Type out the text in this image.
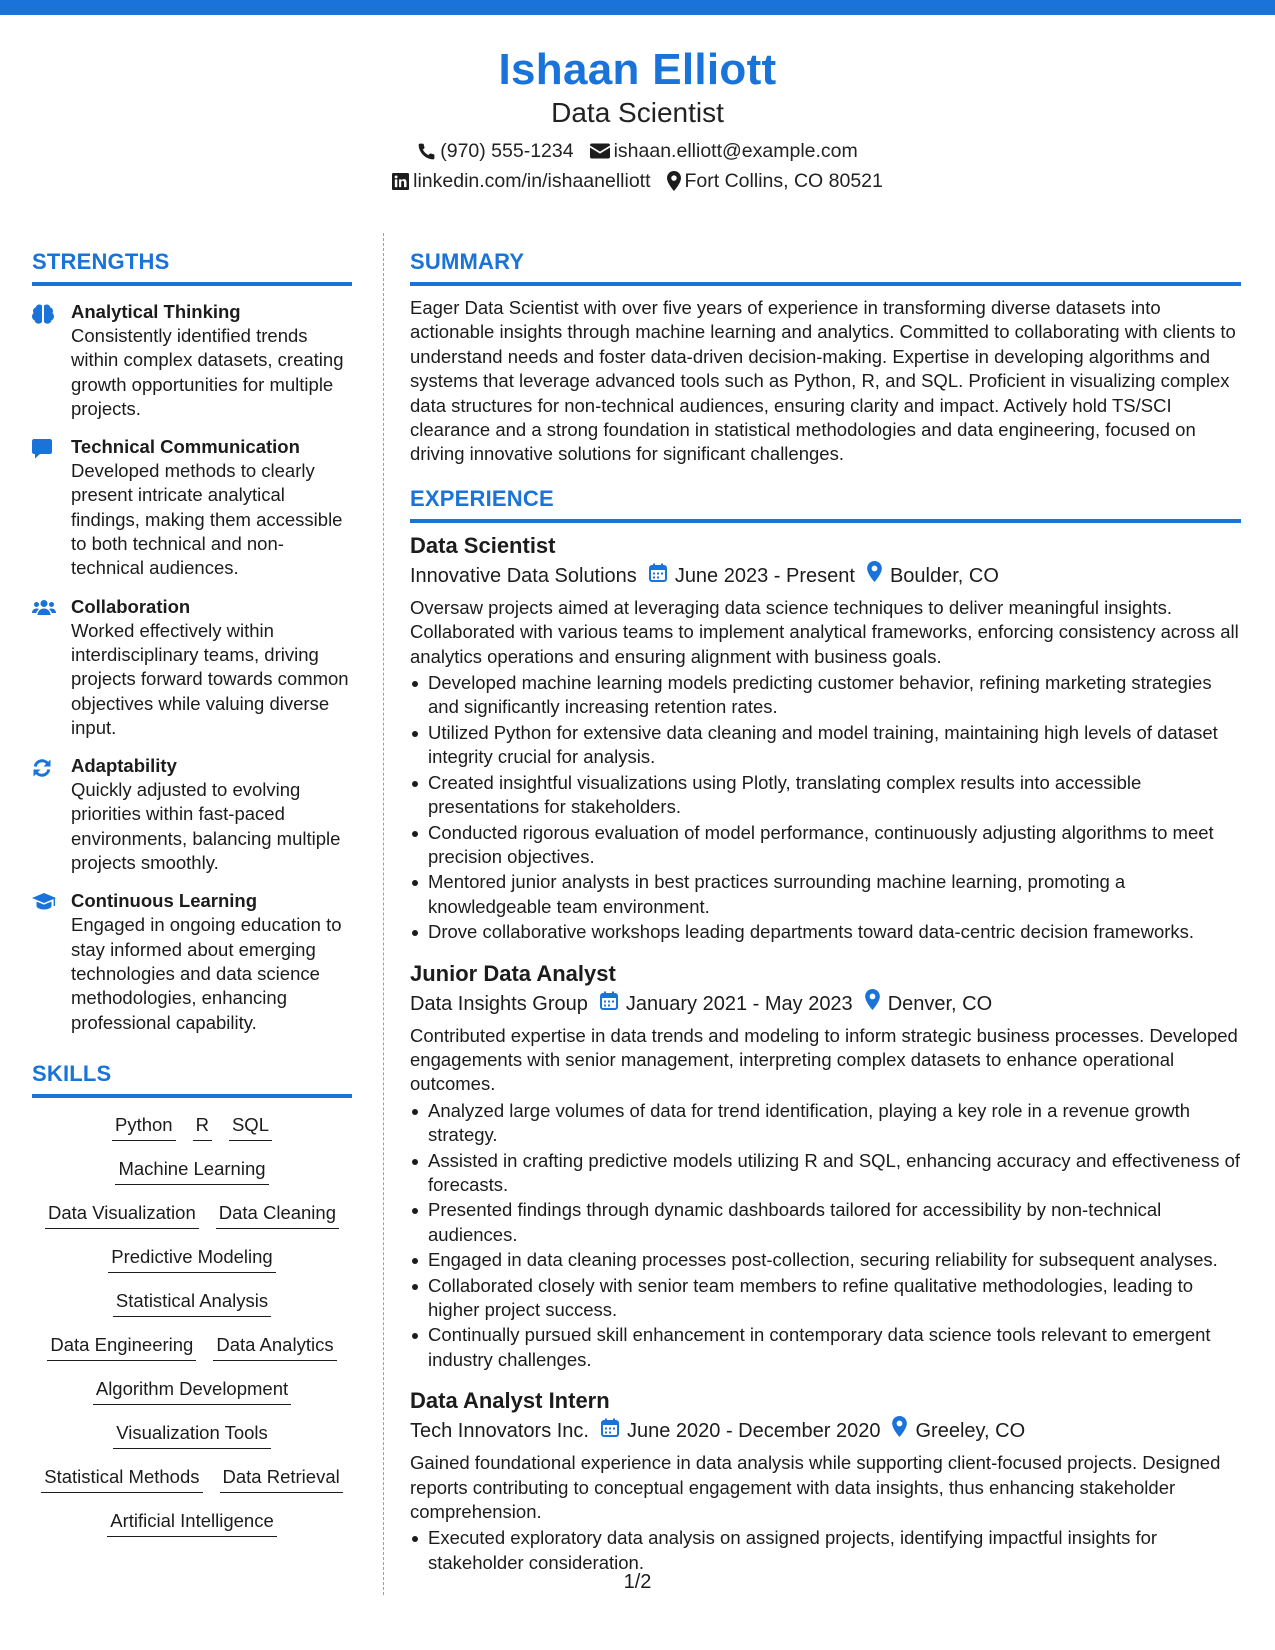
Ishaan Elliott
Data Scientist
(970) 555-1234 ishaan.elliott@example.com
linkedin.com/in/ishaanelliott Fort Collins, CO 80521
STRENGTHS
Analytical Thinking
Consistently identified trends within complex datasets, creating growth opportunities for multiple projects.
Technical Communication
Developed methods to clearly present intricate analytical findings, making them accessible to both technical and non-technical audiences.
Collaboration
Worked effectively within interdisciplinary teams, driving projects forward towards common objectives while valuing diverse input.
Adaptability
Quickly adjusted to evolving priorities within fast-paced environments, balancing multiple projects smoothly.
Continuous Learning
Engaged in ongoing education to stay informed about emerging technologies and data science methodologies, enhancing professional capability.
SKILLS
Python R SQL
Machine Learning
Data Visualization Data Cleaning
Predictive Modeling
Statistical Analysis
Data Engineering Data Analytics
Algorithm Development
Visualization Tools
Statistical Methods Data Retrieval
Artificial Intelligence
SUMMARY

Eager Data Scientist with over five years of experience in transforming diverse datasets into actionable insights through machine learning and analytics. Committed to collaborating with clients to understand needs and foster data-driven decision-making. Expertise in developing algorithms and systems that leverage advanced tools such as Python, R, and SQL. Proficient in visualizing complex data structures for non-technical audiences, ensuring clarity and impact. Actively hold TS/SCI clearance and a strong foundation in statistical methodologies and data engineering, focused on driving innovative solutions for significant challenges.

EXPERIENCE
Data Scientist
Innovative Data Solutions June 2023 - Present Boulder, CO

Oversaw projects aimed at leveraging data science techniques to deliver meaningful insights. Collaborated with various teams to implement analytical frameworks, enforcing consistency across all analytics operations and ensuring alignment with business goals.

Developed machine learning models predicting customer behavior, refining marketing strategies and significantly increasing retention rates.
Utilized Python for extensive data cleaning and model training, maintaining high levels of dataset integrity crucial for analysis.
Created insightful visualizations using Plotly, translating complex results into accessible presentations for stakeholders.
Conducted rigorous evaluation of model performance, continuously adjusting algorithms to meet precision objectives.
Mentored junior analysts in best practices surrounding machine learning, promoting a knowledgeable team environment.
Drove collaborative workshops leading departments toward data-centric decision frameworks.
Junior Data Analyst
Data Insights Group January 2021 - May 2023 Denver, CO

Contributed expertise in data trends and modeling to inform strategic business processes. Developed engagements with senior management, interpreting complex datasets to enhance operational outcomes.

Analyzed large volumes of data for trend identification, playing a key role in a revenue growth strategy.
Assisted in crafting predictive models utilizing R and SQL, enhancing accuracy and effectiveness of forecasts.
Presented findings through dynamic dashboards tailored for accessibility by non-technical audiences.
Engaged in data cleaning processes post-collection, securing reliability for subsequent analyses.
Collaborated closely with senior team members to refine qualitative methodologies, leading to higher project success.
Continually pursued skill enhancement in contemporary data science tools relevant to emergent industry challenges.
Data Analyst Intern
Tech Innovators Inc. June 2020 - December 2020 Greeley, CO

Gained foundational experience in data analysis while supporting client-focused projects. Designed reports contributing to conceptual engagement with data insights, thus enhancing stakeholder comprehension.

Executed exploratory data analysis on assigned projects, identifying impactful insights for stakeholder consideration.
1/2
